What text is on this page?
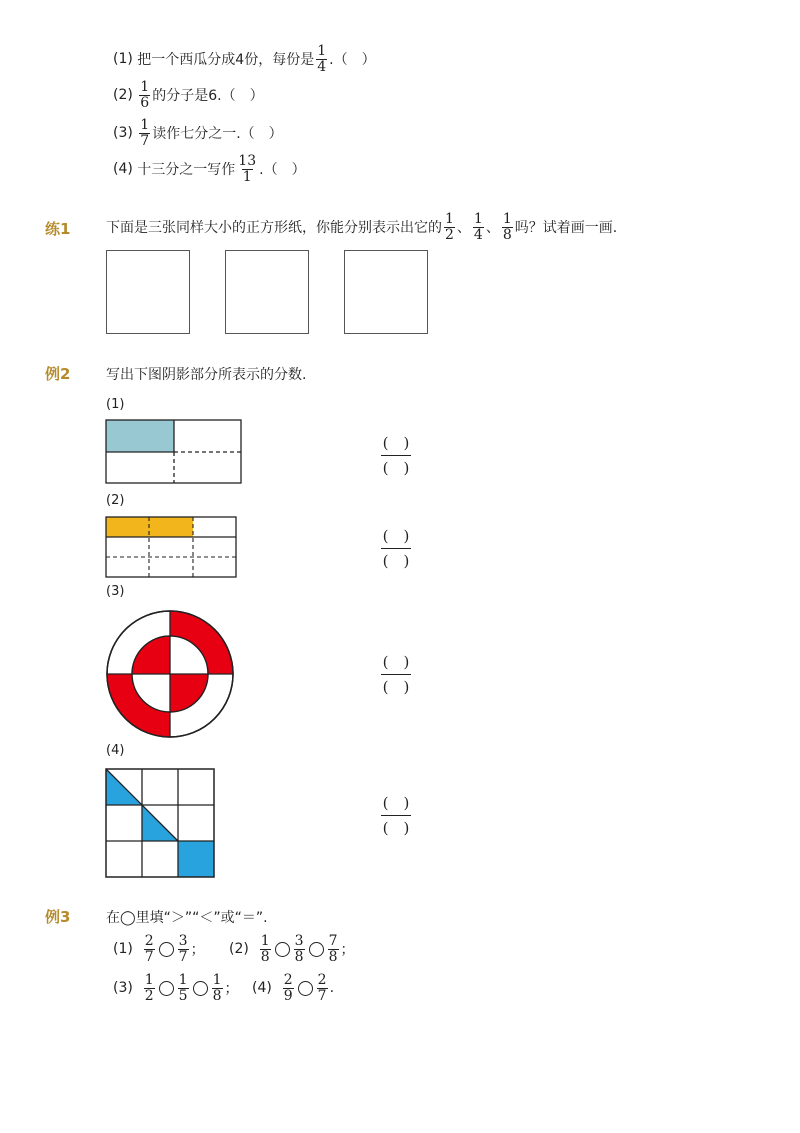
(1)
把一个西瓜分成4份，每份是 $\frac{1}{4}$ .（　）
(2)
$\frac{1}{6}$ 的分子是6.（　）
(3)
$\frac{1}{7}$ 读作七分之一.（　）
(4)
十三分之一写作 $\frac{13}{1}$ .（　）
练1	下面是三张同样大小的正方形纸，你能分别表示出它的 $\frac{1}{2}$ 、 $\frac{1}{4}$ 、 $\frac{1}{8}$ 吗？试着画一画.
例2	写出下图阴影部分所表示的分数.
(1)
(　)
(　)
(2)
(　)
(　)
(3)
(　)
(　)
(4)
(　)
(　)
例3	在◯里填“＞”“＜”或“＝”.
(1)
$\frac{2}{7} \frac{3}{7}$ ； (2)
$\frac{1}{8} \frac{3}{8} \frac{7}{8}$ ；
(3)
$\frac{1}{2} \frac{1}{5} \frac{1}{8}$ ； (4)
$\frac{2}{9} \frac{2}{7}$ .
